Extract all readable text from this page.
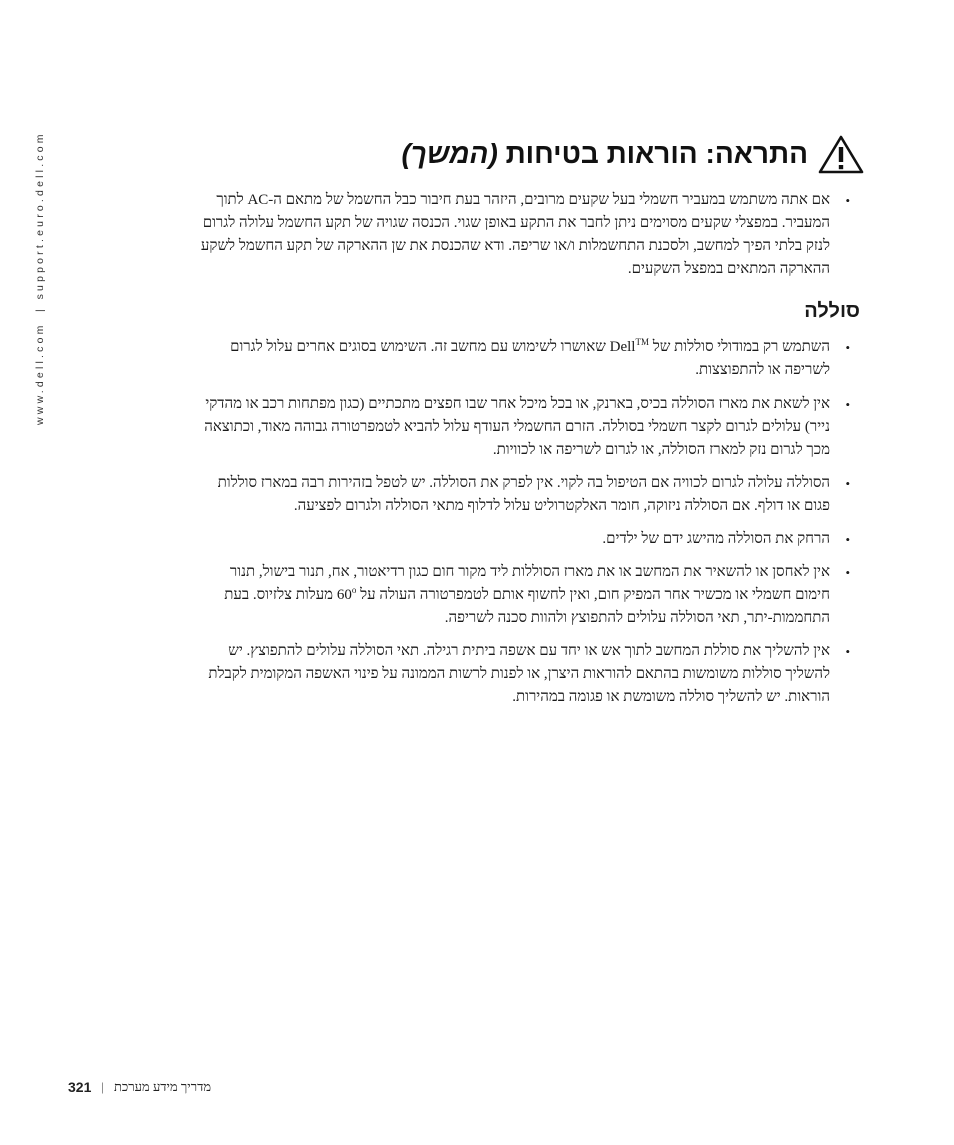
www.dell.com | support.euro.dell.com	התראה: הוראות בטיחות (המשך)
• אם אתה משתמש במעביר חשמלי בעל שקעים מרובים, היזהר בעת חיבור כבל החשמל של מתאם ה-AC לתוך המעביר. במפצלי שקעים מסוימים ניתן לחבר את התקע באופן שגוי. הכנסה שגויה של תקע החשמל עלולה לגרום לנזק בלתי הפיך למחשב, ולסכנת התחשמלות ו/או שריפה. ודא שהכנסת את שן ההארקה של תקע החשמל לשקע ההארקה המתאים במפצל השקעים.
סוללה
• השתמש רק במודולי סוללות של Dell™ שאושרו לשימוש עם מחשב זה. השימוש בסוגים אחרים עלול לגרום לשריפה או להתפוצצות.
• אין לשאת את מארז הסוללה בכיס, בארנק, או בכל מיכל אחר שבו חפצים מתכתיים (כגון מפתחות רכב או מהדקי נייר) עלולים לגרום לקצר חשמלי בסוללה. הזרם החשמלי העודף עלול להביא לטמפרטורה גבוהה מאוד, וכתוצאה מכך לגרום נזק למארז הסוללה, או לגרום לשריפה או לכוויות.
• הסוללה עלולה לגרום לכוויה אם הטיפול בה לקוי. אין לפרק את הסוללה. יש לטפל בזהירות רבה במארז סוללות פגום או דולף. אם הסוללה ניזוקה, חומר האלקטרוליט עלול לדלוף מתאי הסוללה ולגרום לפציעה.
• הרחק את הסוללה מהישג ידם של ילדים.
• אין לאחסן או להשאיר את המחשב או את מארז הסוללות ליד מקור חום כגון רדיאטור, אח, תנור בישול, תנור חימום חשמלי או מכשיר אחר המפיק חום, ואין לחשוף אותם לטמפרטורה העולה על 60$^o$ מעלות צלזיוס. בעת התחממות-יתר, תאי הסוללה עלולים להתפוצץ ולהוות סכנה לשריפה.
• אין להשליך את סוללת המחשב לתוך אש או יחד עם אשפה ביתית רגילה. תאי הסוללה עלולים להתפוצץ. יש להשליך סוללות משומשות בהתאם להוראות היצרן, או לפנות לרשות הממונה על פינוי האשפה המקומית לקבלת הוראות. יש להשליך סוללה משומשת או פגומה במהירות.
321 | מדריך מידע מערכת
